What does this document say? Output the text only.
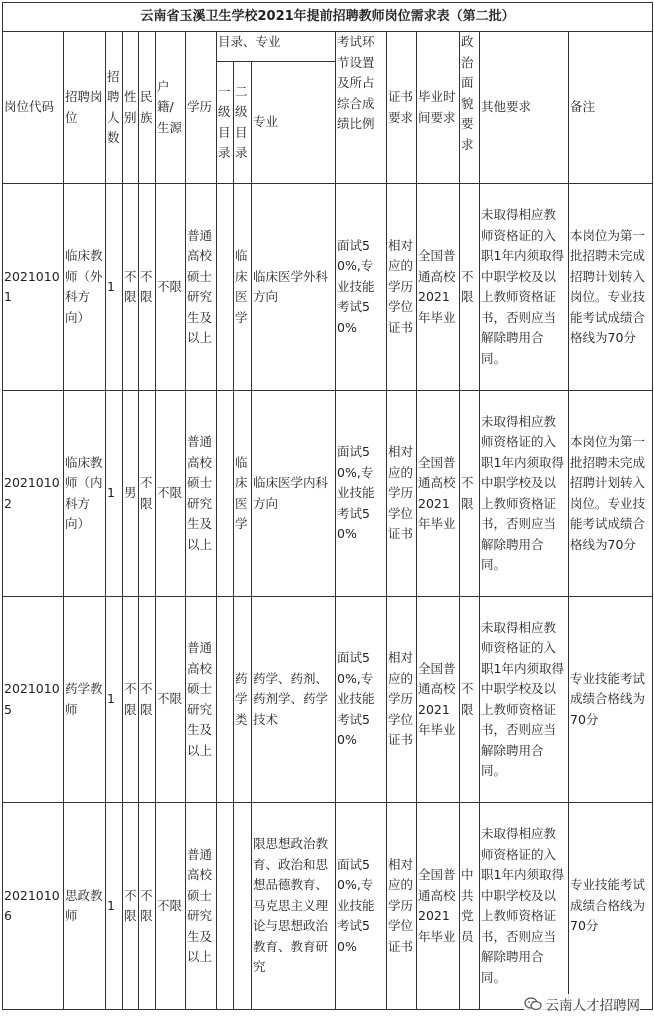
云南省玉溪卫生学校2021年提前招聘教师岗位需求表（第二批）															
岗位代码	招聘岗位	招聘人数	性别	民族	户籍/生源	学历	目录、专业			考试环节设置及所占综合成绩比例	证书要求	毕业时间要求	政治面貌要求	其他要求	备注
							一级目录	二级目录	专业						
20210101	临床教师（外科方向）	1	不限	不限	不限	普通高校硕士研究生及以上		临床医学	临床医学外科方向	面试50%,专业技能考试50%	相对应的学历学位证书	全国普通高校2021年毕业	不限	未取得相应教师资格证的入职1年内须取得中职学校及以上教师资格证书，否则应当解除聘用合同。	本岗位为第一批招聘未完成招聘计划转入岗位。专业技能考试成绩合格线为70分
20210102	临床教师（内科方向）	1	男	不限	不限	普通高校硕士研究生及以上		临床医学	临床医学内科方向	面试50%,专业技能考试50%	相对应的学历学位证书	全国普通高校2021年毕业	不限	未取得相应教师资格证的入职1年内须取得中职学校及以上教师资格证书，否则应当解除聘用合同。	本岗位为第一批招聘未完成招聘计划转入岗位。专业技能考试成绩合格线为70分
20210105	药学教师	1	不限	不限	不限	普通高校硕士研究生及以上		药学类	药学、药剂、药剂学、药学技术	面试50%,专业技能考试50%	相对应的学历学位证书	全国普通高校2021年毕业	不限	未取得相应教师资格证的入职1年内须取得中职学校及以上教师资格证书，否则应当解除聘用合同。	专业技能考试成绩合格线为70分
20210106	思政教师	1	不限	不限	不限	普通高校硕士研究生及以上			限思想政治教育、政治和思想品德教育、马克思主义理论与思想政治教育、教育研究	面试50%,专业技能考试50%	相对应的学历学位证书	全国普通高校2021年毕业	中共党员	未取得相应教师资格证的入职1年内须取得中职学校及以上教师资格证书，否则应当解除聘用合同。	专业技能考试成绩合格线为70分
云南人才招聘网
